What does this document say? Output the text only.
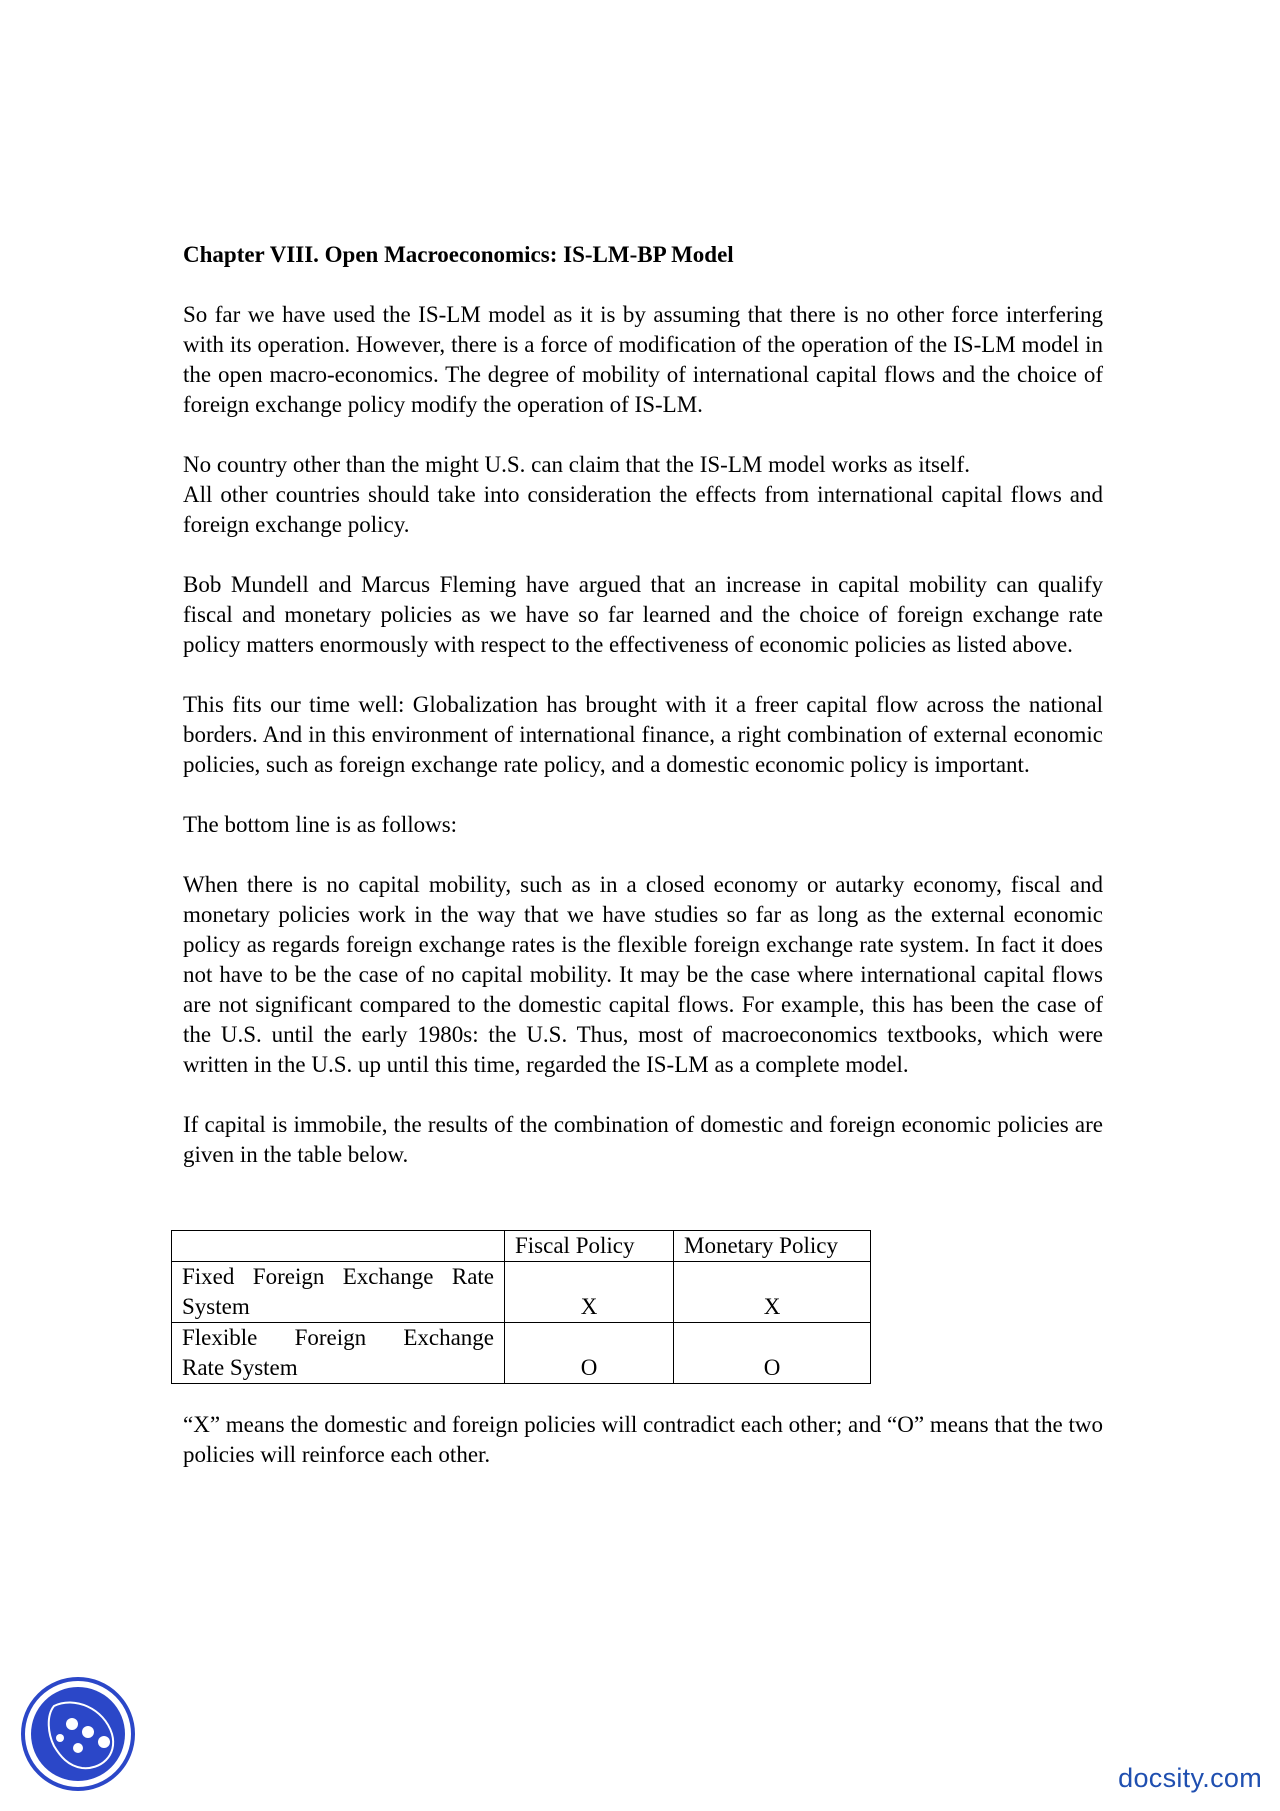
Chapter VIII. Open Macroeconomics: IS-LM-BP Model

So far we have used the IS-LM model as it is by assuming that there is no other force interfering with its operation. However, there is a force of modification of the operation of the IS-LM model in the open macro-economics. The degree of mobility of international capital flows and the choice of foreign exchange policy modify the operation of IS-LM.

No country other than the might U.S. can claim that the IS-LM model works as itself.

All other countries should take into consideration the effects from international capital flows and foreign exchange policy.

Bob Mundell and Marcus Fleming have argued that an increase in capital mobility can qualify fiscal and monetary policies as we have so far learned and the choice of foreign exchange rate policy matters enormously with respect to the effectiveness of economic policies as listed above.

This fits our time well: Globalization has brought with it a freer capital flow across the national borders. And in this environment of international finance, a right combination of external economic policies, such as foreign exchange rate policy, and a domestic economic policy is important.

The bottom line is as follows:

When there is no capital mobility, such as in a closed economy or autarky economy, fiscal and monetary policies work in the way that we have studies so far as long as the external economic policy as regards foreign exchange rates is the flexible foreign exchange rate system. In fact it does not have to be the case of no capital mobility. It may be the case where international capital flows are not significant compared to the domestic capital flows. For example, this has been the case of the U.S. until the early 1980s: the U.S. Thus, most of macroeconomics textbooks, which were written in the U.S. up until this time, regarded the IS-LM as a complete model.

If capital is immobile, the results of the combination of domestic and foreign economic policies are given in the table below.

	Fiscal Policy	Monetary Policy
Fixed Foreign Exchange Rate
System	X	X
Flexible Foreign Exchange
Rate System	O	O

“X” means the domestic and foreign policies will contradict each other; and “O” means that the two policies will reinforce each other.

docsity.com
